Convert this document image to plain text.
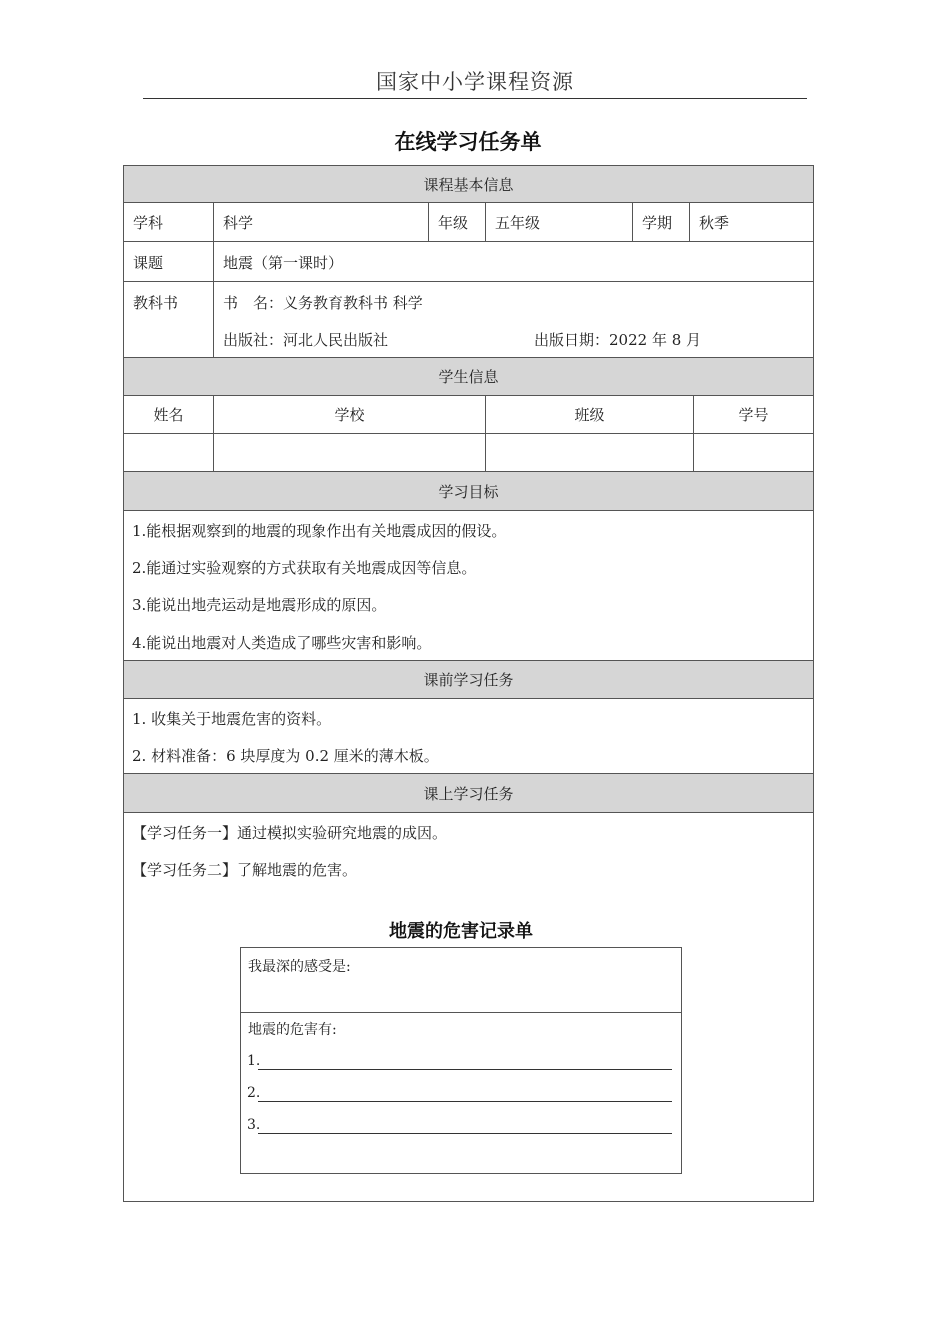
国家中小学课程资源
在线学习任务单
课程基本信息
学科	科学	年级 五年级	学期 秋季
课题	地震（第一课时）
教科书	书　名：义务教育教科书 科学
出版社：河北人民出版社	出版日期：2022 年 8 月
学生信息
姓名	学校	班级	学号
学习目标
1.能根据观察到的地震的现象作出有关地震成因的假设。
2.能通过实验观察的方式获取有关地震成因等信息。
3.能说出地壳运动是地震形成的原因。
4.能说出地震对人类造成了哪些灾害和影响。
课前学习任务
1. 收集关于地震危害的资料。
2. 材料准备：6 块厚度为 0.2 厘米的薄木板。
课上学习任务
【学习任务一】通过模拟实验研究地震的成因。
【学习任务二】了解地震的危害。
地震的危害记录单
我最深的感受是:
地震的危害有:
1.
2.
3.
